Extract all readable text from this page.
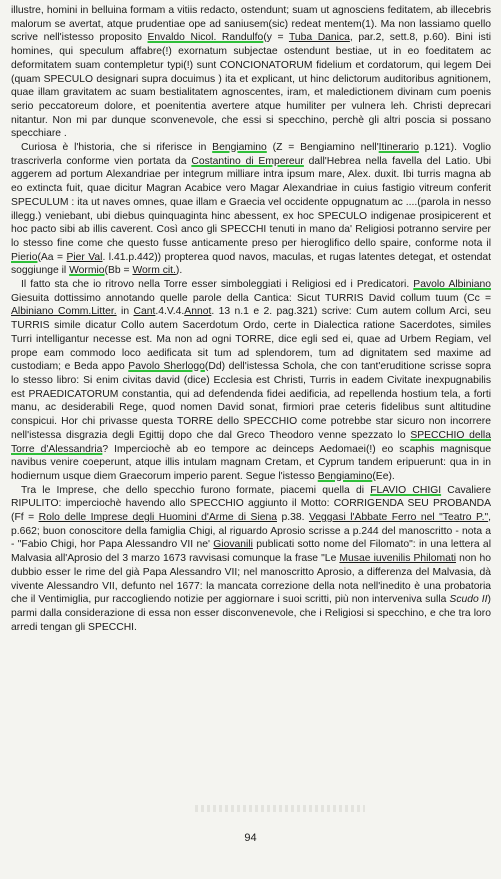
illustre, homini in belluina formam a vitiis redacto, ostendunt; suam ut agnosciens feditatem, ab illecebris malorum se avertat, atque prudentiae ope ad saniusem(sic) redeat mentem(1). Ma non lassiamo quello scrive nell'istesso proposito Envaldo Nicol. Randulfo(y = Tuba Danica, par.2, sett.8, p.60). Bini isti homines, qui speculum affabre(!) exornatum subjectae ostendunt bestiae, ut in eo foeditatem ac deformitatem suam contempletur typi(!) sunt CONCIONATORUM fidelium et cordatorum, qui legem Dei (quam SPECULO designari supra docuimus ) ita et explicant, ut hinc delictorum auditoribus agnitionem, quae illam gravitatem ac suam bestialitatem agnoscentes, iram, et maledictionem divinam cum poenis serio peccatoreum dolore, et poenitentia avertere atque humiliter per vulnera leh. Christi deprecari nitantur. Non mi par dunque sconvenevole, che essi si specchino, perchè gli altri poscia si possano specchiare .

Curiosa è l'historia, che si riferisce in Bengiamino (Z = Bengiamino nell'Itinerario p.121). Voglio trascriverla conforme vien portata da Costantino di Empereur dall'Hebrea nella favella del Latio. Ubi aggerem ad portum Alexandriae per integrum milliare intra ipsum mare, Alex. duxit. Ibi turris magna ab eo extincta fuit, quae dicitur Magran Acabice vero Magar Alexandriae in cuius fastigio vitreum conferit SPECULUM : ita ut naves omnes, quae illam e Graecia vel occidente oppugnatum ac ....(parola in nesso illegg.) veniebant, ubi diebus quinquaginta hinc abessent, ex hoc SPECULO indigenae prosipicerent et hoc pacto sibi ab illis caverent. Così anco gli SPECCHI tenuti in mano da' Religiosi potranno servire per lo stesso fine come che questo fusse anticamente preso per hieroglifico dello spaire, conforme nota il Pierio(Aa = Pier Val. l.41.p.442)) propterea quod navos, maculas, et rugas latentes detegat, et ostendat soggiunge il Wormio(Bb = Worm cit.).

Il fatto sta che io ritrovo nella Torre esser simboleggiati i Religiosi ed i Predicatori. Pavolo Albiniano Giesuita dottissimo annotando quelle parole della Cantica: Sicut TURRIS David collum tuum (Cc = Albiniano Comm.Litter. in Cant.4.V.4.Annot. 13 n.1 e 2. pag.321) scrive: Cum autem collum Arci, seu TURRIS simile dicatur Collo autem Sacerdotum Ordo, certe in Dialectica ratione Sacerdotes, similes Turri intelligantur necesse est. Ma non ad ogni TORRE, dice egli sed ei, quae ad Urbem Regiam, vel prope eam commodo loco aedificata sit tum ad splendorem, tum ad dignitatem sed maxime ad custodiam; e Beda appo Pavolo Sherlogo(Dd) dell'istessa Schola, che con tant'eruditione scrisse sopra lo stesso libro: Si enim civitas david (dice) Ecclesia est Christi, Turris in eadem Civitate inexpugnabilis est PRAEDICATORUM constantia, qui ad defendenda fidei aedificia, ad repellenda hostium tela, a forti manu, ac desiderabili Rege, quod nomen David sonat, firmiori prae ceteris fidelibus sunt altitudine conspicui. Hor chi privasse questa TORRE dello SPECCHIO come potrebbe star sicuro non incorrere nell'istessa disgrazia degli Egittij dopo che dal Greco Theodoro venne spezzato lo SPECCHIO della Torre d'Alessandria? Imperciochè ab eo tempore ac deinceps Aedomaei(!) eo scaphis magnisque navibus venire coeperunt, atque illis intulam magnam Cretam, et Cyprum tandem eripuerunt: qua in in hodiernum usque diem Graecorum imperio parent. Segue l'istesso Bengiamino(Ee).

Tra le Imprese, che dello specchio furono formate, piacemi quella di FLAVIO CHIGI Cavaliere RIPULITO: imperciochè havendo allo SPECCHIO aggiunto il Motto: CORRIGENDA SEU PROBANDA (Ff = Rolo delle Imprese degli Huomini d'Arme di Siena p.38. Veggasi l'Abbate Ferro nel "Teatro P.", p.662; buon conoscitore della famiglia Chigi, al riguardo Aprosio scrisse a p.244 del manoscritto - nota a - "Fabio Chigi, hor Papa Alessandro VII ne' Giovanili publicati sotto nome del Filomato": in una lettera al Malvasia all'Aprosio del 3 marzo 1673 ravvisasi comunque la frase "Le Musae iuvenilis Philomati non ho dubbio esser le rime del già Papa Alessandro VII; nel manoscritto Aprosio, a differenza del Malvasia, dà vivente Alessandro VII, defunto nel 1677: la mancata correzione della nota nell'inedito è una probatoria che il Ventimiglia, pur raccogliendo notizie per aggiornare i suoi scritti, più non interveniva sulla Scudo II) parmi dalla considerazione di essa non esser disconvenevole, che i Religiosi si specchino, e che tra loro arredi tengan gli SPECCHI.

94
